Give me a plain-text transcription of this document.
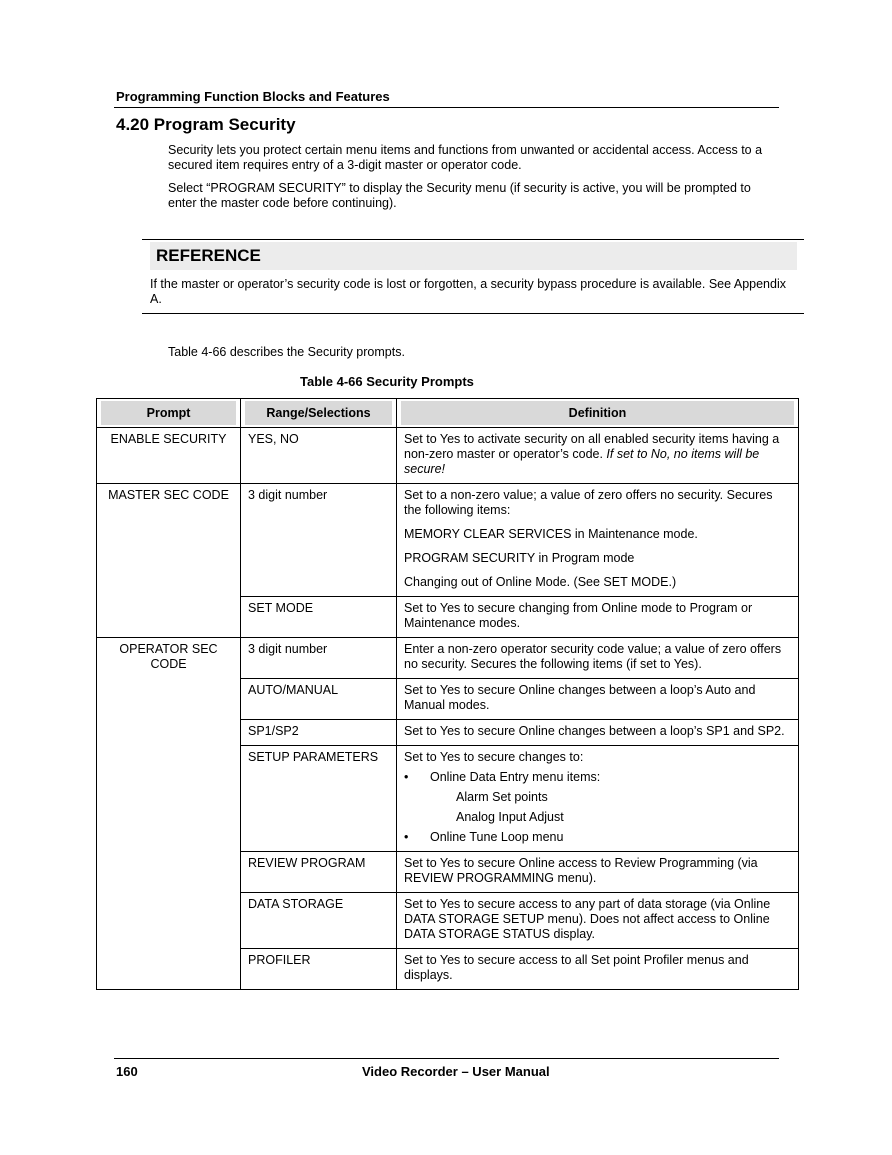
Programming Function Blocks and Features
4.20 Program Security
Security lets you protect certain menu items and functions from unwanted or accidental access. Access to a secured item requires entry of a 3-digit master or operator code.
Select “PROGRAM SECURITY” to display the Security menu (if security is active, you will be prompted to enter the master code before continuing).
REFERENCE
If the master or operator’s security code is lost or forgotten, a security bypass procedure is available. See Appendix A.
Table 4-66 describes the Security prompts.
Table 4-66 Security Prompts
Prompt	Range/Selections	Definition

ENABLE SECURITY	YES, NO	Set to Yes to activate security on all enabled security items having a non-zero master or operator’s code. If set to No, no items will be secure!
MASTER SEC CODE	3 digit number	Set to a non-zero value; a value of zero offers no security. Secures the following items:
MEMORY CLEAR SERVICES in Maintenance mode.
PROGRAM SECURITY in Program mode
Changing out of Online Mode. (See SET MODE.)

	SET MODE	Set to Yes to secure changing from Online mode to Program or Maintenance modes.
OPERATOR SEC CODE	3 digit number	Enter a non-zero operator security code value; a value of zero offers no security. Secures the following items (if set to Yes).
	AUTO/MANUAL	Set to Yes to secure Online changes between a loop’s Auto and Manual modes.
	SP1/SP2	Set to Yes to secure Online changes between a loop’s SP1 and SP2.
	SETUP PARAMETERS	Set to Yes to secure changes to:
• Online Data Entry menu items:
Alarm Set points
Analog Input Adjust
• Online Tune Loop menu

	REVIEW PROGRAM	Set to Yes to secure Online access to Review Programming (via REVIEW PROGRAMMING menu).
	DATA STORAGE	Set to Yes to secure access to any part of data storage (via Online DATA STORAGE SETUP menu). Does not affect access to Online DATA STORAGE STATUS display.
	PROFILER	Set to Yes to secure access to all Set point Profiler menus and displays.
160	Video Recorder – User Manual
